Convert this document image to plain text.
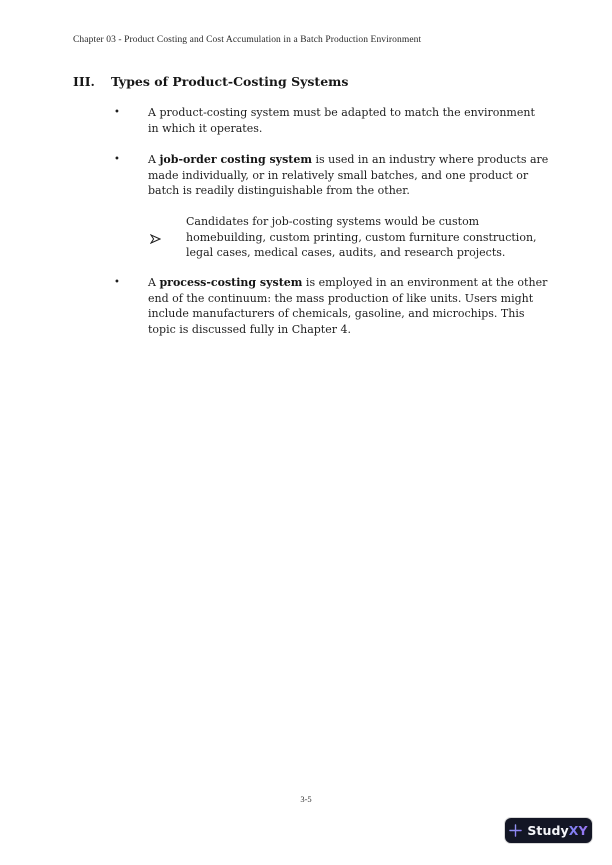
Chapter 03 - Product Costing and Cost Accumulation in a Batch Production Environment
III.	Types of Product-Costing Systems
•	A product-costing system must be adapted to match the environment
in which it operates.
•	A job-order costing system is used in an industry where products are
made individually, or in relatively small batches, and one product or
batch is readily distinguishable from the other.
Candidates for job-costing systems would be custom
homebuilding, custom printing, custom furniture construction,
legal cases, medical cases, audits, and research projects.
•	A process-costing system is employed in an environment at the other
end of the continuum: the mass production of like units. Users might
include manufacturers of chemicals, gasoline, and microchips. This
topic is discussed fully in Chapter 4.
3-5
Study XY
